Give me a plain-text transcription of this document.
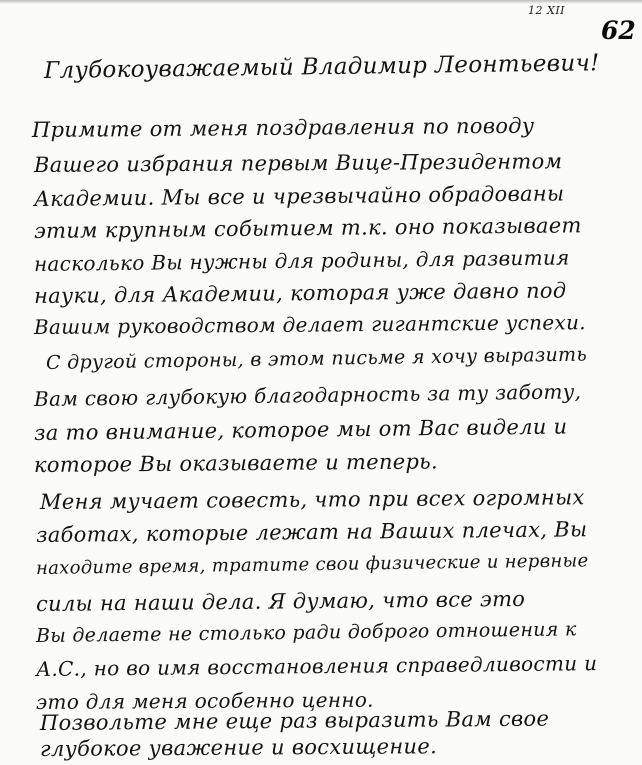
12 XII
62
Глубокоуважаемый Владимир Леонтьевич!
Примите от меня поздравления по поводу
Вашего избрания первым Вице-Президентом
Академии. Мы все и чрезвычайно обрадованы
этим крупным событием т.к. оно показывает
насколько Вы нужны для родины, для развития
науки, для Академии, которая уже давно под
Вашим руководством делает гигантские успехи.
С другой стороны, в этом письме я хочу выразить
Вам свою глубокую благодарность за ту заботу,
за то внимание, которое мы от Вас видели и
которое Вы оказываете и теперь.
Меня мучает совесть, что при всех огромных
заботах, которые лежат на Ваших плечах, Вы
находите время, тратите свои физические и нервные
силы на наши дела. Я думаю, что все это
Вы делаете не столько ради доброго отношения к
А.С., но во имя восстановления справедливости и
это для меня особенно ценно.
Позвольте мне еще раз выразить Вам свое
глубокое уважение и восхищение.
